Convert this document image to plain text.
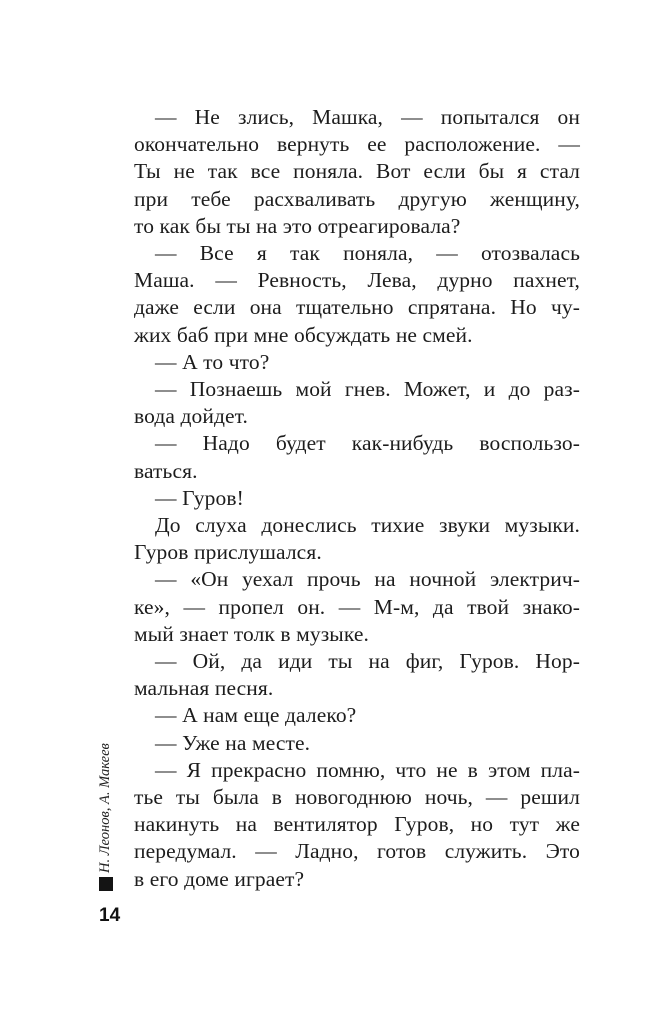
Н. Леонов, А. Макеев
14
— Не злись, Машка, — попытался он
окончательно вернуть ее расположение. —
Ты не так все поняла. Вот если бы я стал
при тебе расхваливать другую женщину,
то как бы ты на это отреагировала?
— Все я так поняла, — отозвалась
Маша. — Ревность, Лева, дурно пахнет,
даже если она тщательно спрятана. Но чу-
жих баб при мне обсуждать не смей.
— А то что?
— Познаешь мой гнев. Может, и до раз-
вода дойдет.
— Надо будет как-нибудь воспользо-
ваться.
— Гуров!
До слуха донеслись тихие звуки музыки.
Гуров прислушался.
— «Он уехал прочь на ночной электрич-
ке», — пропел он. — М-м, да твой знако-
мый знает толк в музыке.
— Ой, да иди ты на фиг, Гуров. Нор-
мальная песня.
— А нам еще далеко?
— Уже на месте.
— Я прекрасно помню, что не в этом пла-
тье ты была в новогоднюю ночь, — решил
накинуть на вентилятор Гуров, но тут же
передумал. — Ладно, готов служить. Это
в его доме играет?
